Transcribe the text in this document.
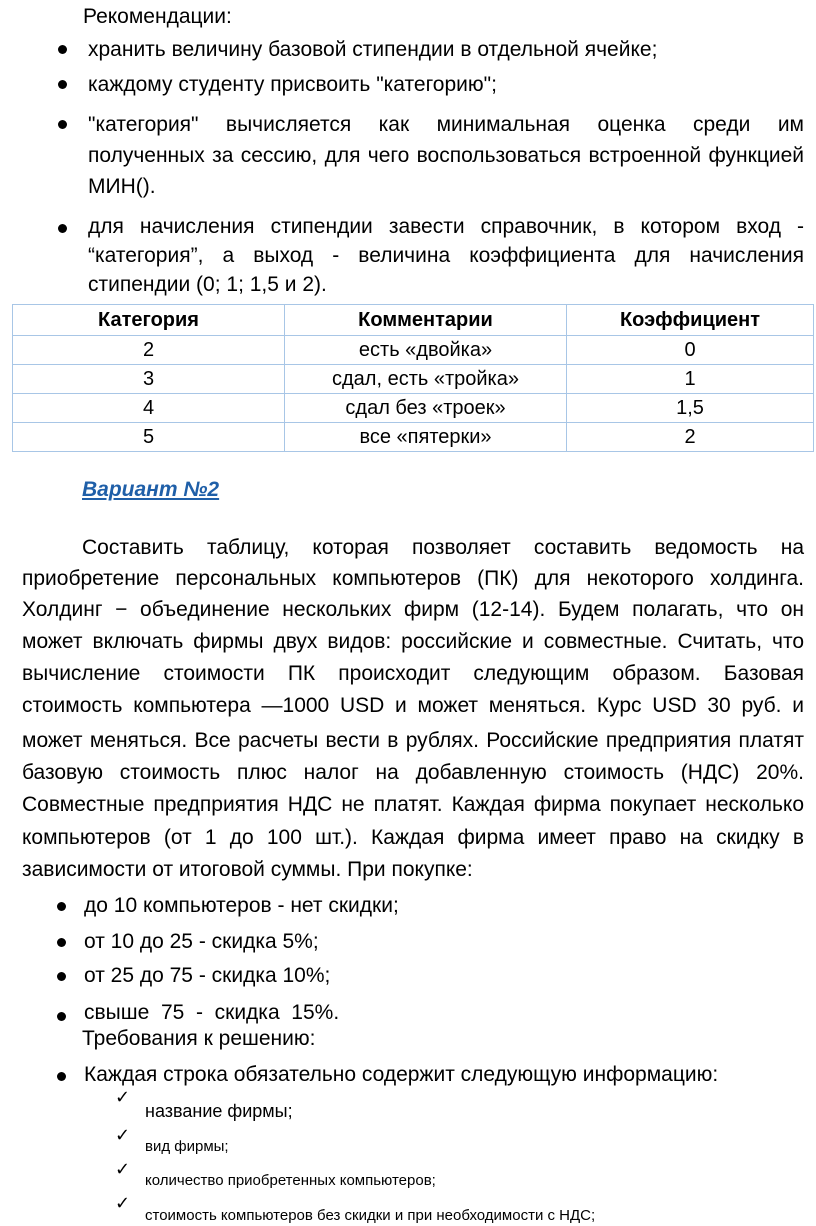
Рекомендации:
хранить величину базовой стипендии в отдельной ячейке;
каждому студенту присвоить "категорию";
"категория" вычисляется как минимальная оценка среди им
полученных за сессию, для чего воспользоваться встроенной функцией
МИН().
для начисления стипендии завести справочник, в котором вход -
“категория”, а выход - величина коэффициента для начисления
стипендии (0; 1; 1,5 и 2).
Категория	Комментарии	Коэффициент
2	есть «двойка»	0
3	сдал, есть «тройка»	1
4	сдал без «троек»	1,5
5	все «пятерки»	2
Вариант №2
Составить таблицу, которая позволяет составить ведомость на
приобретение персональных компьютеров (ПК) для некоторого холдинга.
Холдинг − объединение нескольких фирм (12-14). Будем полагать, что он
может включать фирмы двух видов: российские и совместные. Считать, что
вычисление стоимости ПК происходит следующим образом. Базовая
стоимость компьютера —1000 USD и может меняться. Курс USD 30 руб. и
может меняться. Все расчеты вести в рублях. Российские предприятия платят
базовую стоимость плюс налог на добавленную стоимость (НДС) 20%.
Совместные предприятия НДС не платят. Каждая фирма покупает несколько
компьютеров (от 1 до 100 шт.). Каждая фирма имеет право на скидку в
зависимости от итоговой суммы. При покупке:
до 10 компьютеров - нет скидки;
от 10 до 25 - скидка 5%;
от 25 до 75 - скидка 10%;
свыше  75  -  скидка  15%.
Требования к решению:
Каждая строка обязательно содержит следующую информацию:
✓
название фирмы;
✓
вид фирмы;
✓
количество приобретенных компьютеров;
✓
стоимость компьютеров без скидки и при необходимости с НДС;
